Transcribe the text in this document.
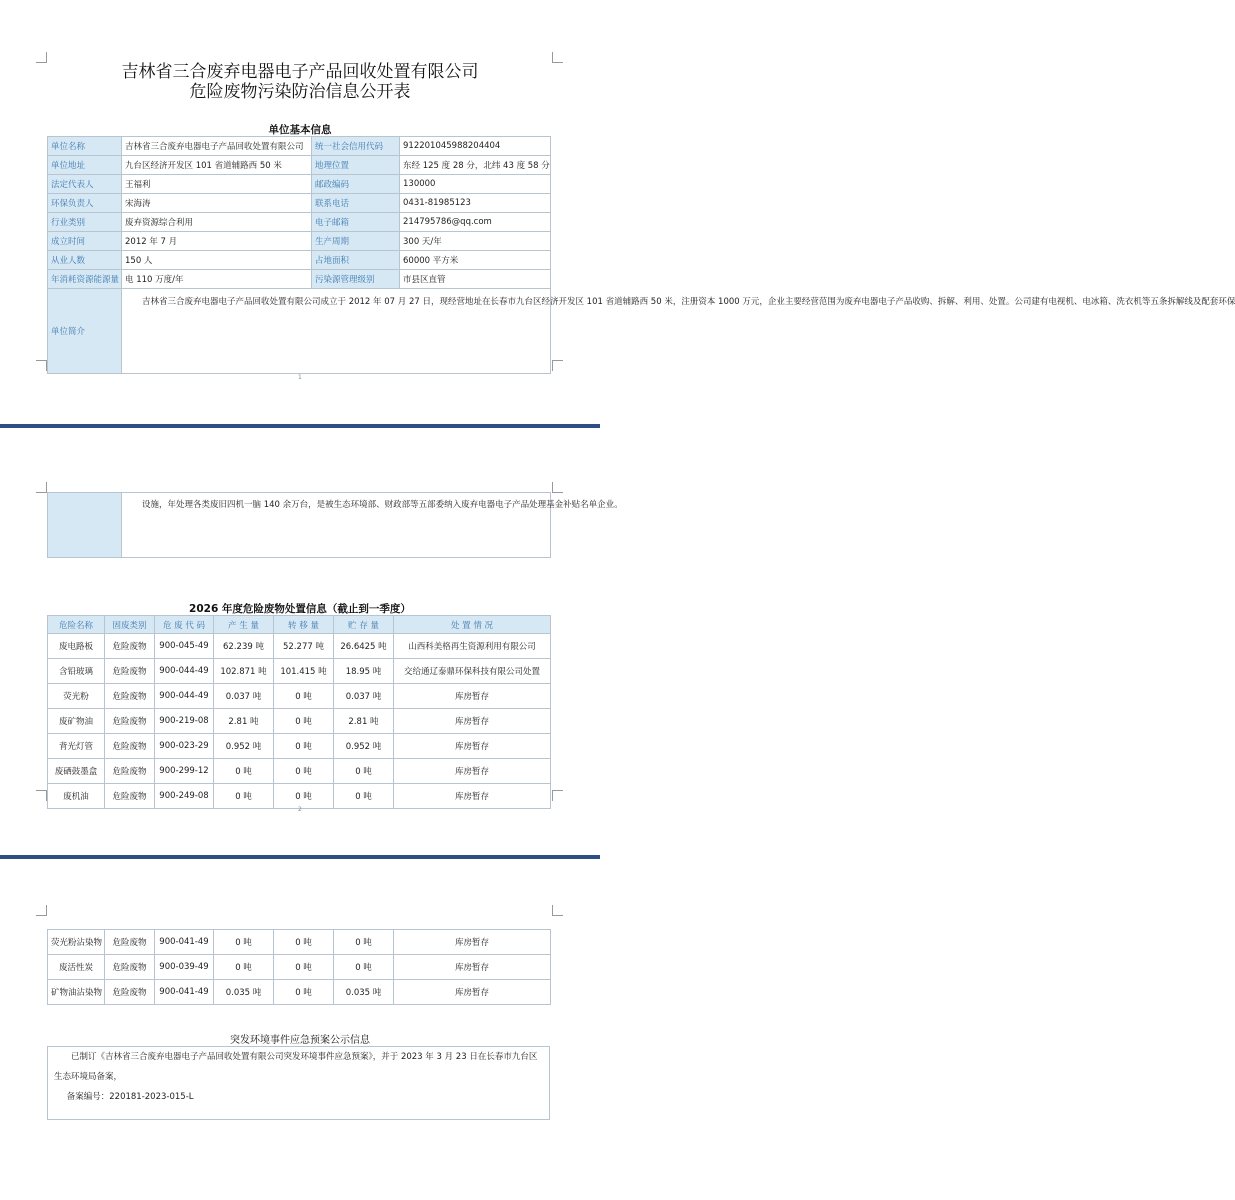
吉林省三合废弃电器电子产品回收处置有限公司
危险废物污染防治信息公开表
单位基本信息
单位名称	吉林省三合废弃电器电子产品回收处置有限公司	统一社会信用代码	912201045988204404
单位地址	九台区经济开发区 101 省道辅路西 50 米	地理位置	东经 125 度 28 分，北纬 43 度 58 分
法定代表人	王福利	邮政编码	130000
环保负责人	宋海涛	联系电话	0431-81985123
行业类别	废弃资源综合利用	电子邮箱	214795786@qq.com
成立时间	2012 年 7 月	生产周期	300 天/年
从业人数	150 人	占地面积	60000 平方米
年消耗资源能源量	电 110 万度/年	污染源管理级别	市县区直管
单位简介	吉林省三合废弃电器电子产品回收处置有限公司成立于 2012 年 07 月 27 日，现经营地址在长春市九台区经济开发区 101 省道辅路西 50 米，注册资本 1000 万元，企业主要经营范围为废弃电器电子产品收购、拆解、利用、处置。公司建有电视机、电冰箱、洗衣机等五条拆解线及配套环保		
1
	设施，年处理各类废旧四机一脑 140 余万台，是被生态环境部、财政部等五部委纳入废弃电器电子产品处理基金补贴名单企业。
2026 年度危险废物处置信息（截止到一季度）
危险名称	固废类别	危 废 代 码	产 生 量	转 移 量	贮 存 量	处 置 情 况
废电路板	危险废物	900-045-49	62.239 吨	52.277 吨	26.6425 吨	山西科美格再生资源利用有限公司
含铅玻璃	危险废物	900-044-49	102.871 吨	101.415 吨	18.95 吨	交给通辽泰鼎环保科技有限公司处置
荧光粉	危险废物	900-044-49	0.037 吨	0 吨	0.037 吨	库房暂存
废矿物油	危险废物	900-219-08	2.81 吨	0 吨	2.81 吨	库房暂存
背光灯管	危险废物	900-023-29	0.952 吨	0 吨	0.952 吨	库房暂存
废硒鼓墨盒	危险废物	900-299-12	0 吨	0 吨	0 吨	库房暂存
废机油	危险废物	900-249-08	0 吨	0 吨	0 吨	库房暂存
2
荧光粉沾染物	危险废物	900-041-49	0 吨	0 吨	0 吨	库房暂存
废活性炭	危险废物	900-039-49	0 吨	0 吨	0 吨	库房暂存
矿物油沾染物	危险废物	900-041-49	0.035 吨	0 吨	0.035 吨	库房暂存
突发环境事件应急预案公示信息
已制订《吉林省三合废弃电器电子产品回收处置有限公司突发环境事件应急预案》，并于 2023 年 3 月 23 日在长春市九台区生态环境局备案，
备案编号：220181-2023-015-L
